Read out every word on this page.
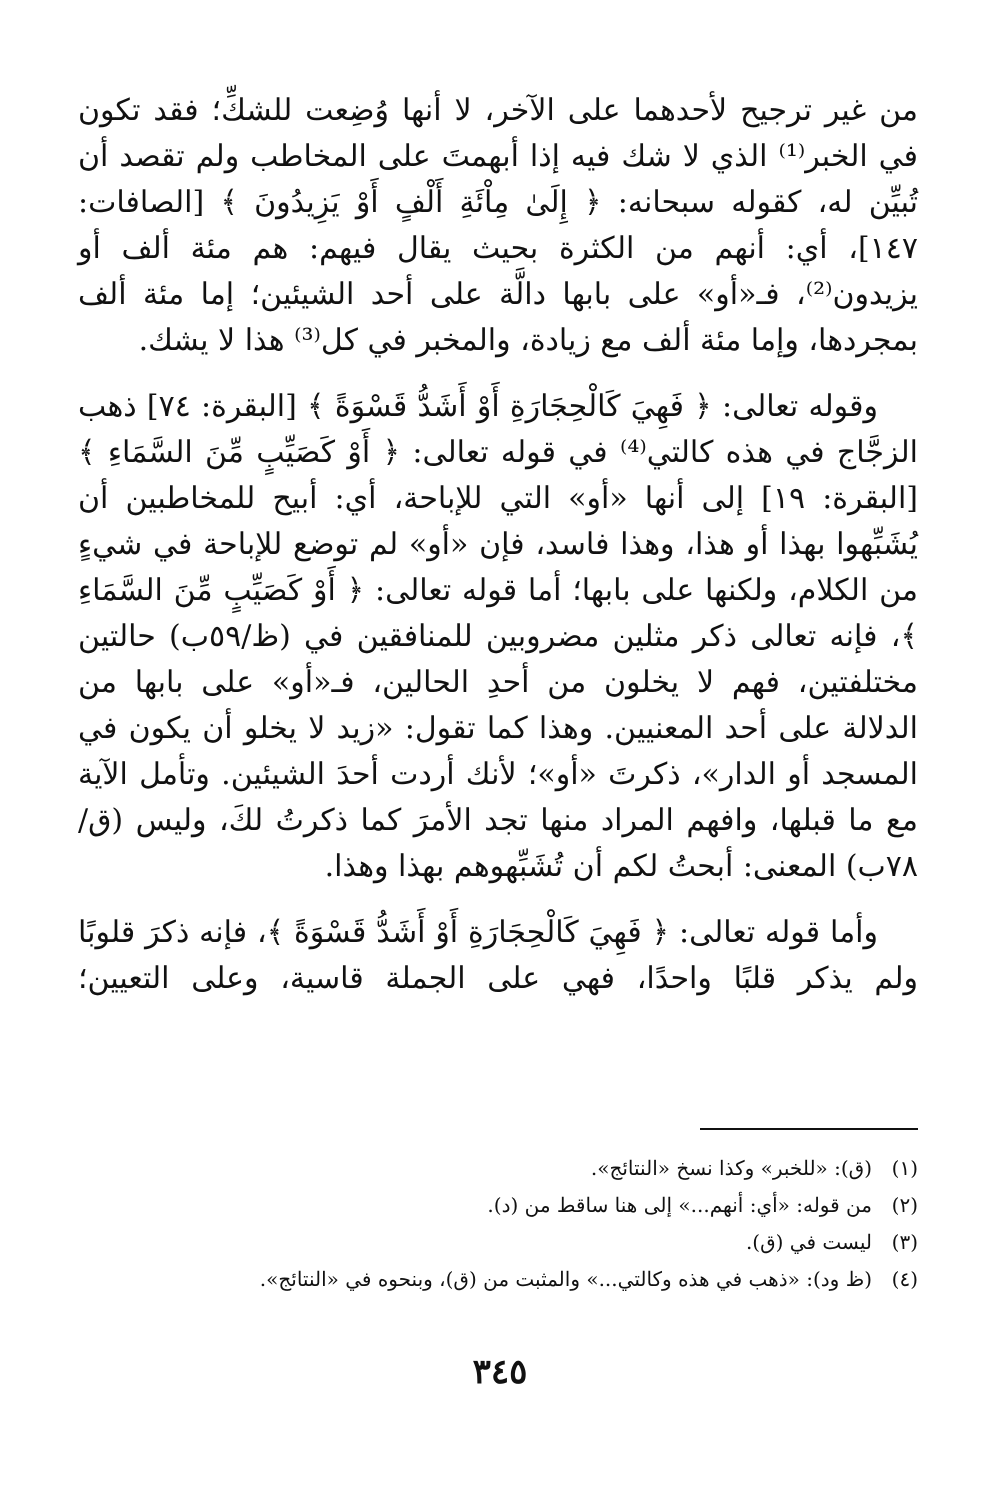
من غير ترجيح لأحدهما على الآخر، لا أنها وُضِعت للشكِّ؛ فقد تكون في الخبر⁽¹⁾ الذي لا شك فيه إذا أبهمتَ على المخاطب ولم تقصد أن تُبيِّن له، كقوله سبحانه: ﴿ إِلَىٰ مِاْئَةِ أَلْفٍ أَوْ يَزِيدُونَ ﴾ [الصافات: ١٤٧]، أي: أنهم من الكثرة بحيث يقال فيهم: هم مئة ألف أو يزيدون⁽²⁾، فـ«أو» على بابها دالَّة على أحد الشيئين؛ إما مئة ألف بمجردها، وإما مئة ألف مع زيادة، والمخبر في كل⁽³⁾ هذا لا يشك.

وقوله تعالى: ﴿ فَهِيَ كَالْحِجَارَةِ أَوْ أَشَدُّ قَسْوَةً ﴾ [البقرة: ٧٤] ذهب الزجَّاج في هذه كالتي⁽⁴⁾ في قوله تعالى: ﴿ أَوْ كَصَيِّبٍ مِّنَ السَّمَاءِ ﴾ [البقرة: ١٩] إلى أنها «أو» التي للإباحة، أي: أبيح للمخاطبين أن يُشَبِّهوا بهذا أو هذا، وهذا فاسد، فإن «أو» لم توضع للإباحة في شيءٍ من الكلام، ولكنها على بابها؛ أما قوله تعالى: ﴿ أَوْ كَصَيِّبٍ مِّنَ السَّمَاءِ ﴾، فإنه تعالى ذكر مثلين مضروبين للمنافقين في (ظ/٥٩ب) حالتين مختلفتين، فهم لا يخلون من أحدِ الحالين، فـ«أو» على بابها من الدلالة على أحد المعنيين. وهذا كما تقول: «زيد لا يخلو أن يكون في المسجد أو الدار»، ذكرتَ «أو»؛ لأنك أردت أحدَ الشيئين. وتأمل الآية مع ما قبلها، وافهم المراد منها تجد الأمرَ كما ذكرتُ لكَ، وليس (ق/٧٨ب) المعنى: أبحتُ لكم أن تُشَبِّهوهم بهذا وهذا.

وأما قوله تعالى: ﴿ فَهِيَ كَالْحِجَارَةِ أَوْ أَشَدُّ قَسْوَةً ﴾، فإنه ذكرَ قلوبًا ولم يذكر قلبًا واحدًا، فهي على الجملة قاسية، وعلى التعيين؛

(١)(ق): «للخبر» وكذا نسخ «النتائج».

(٢)من قوله: «أي: أنهم...» إلى هنا ساقط من (د).

(٣)ليست في (ق).

(٤)(ظ ود): «ذهب في هذه وكالتي...» والمثبت من (ق)، وبنحوه في «النتائج».

٣٤٥
